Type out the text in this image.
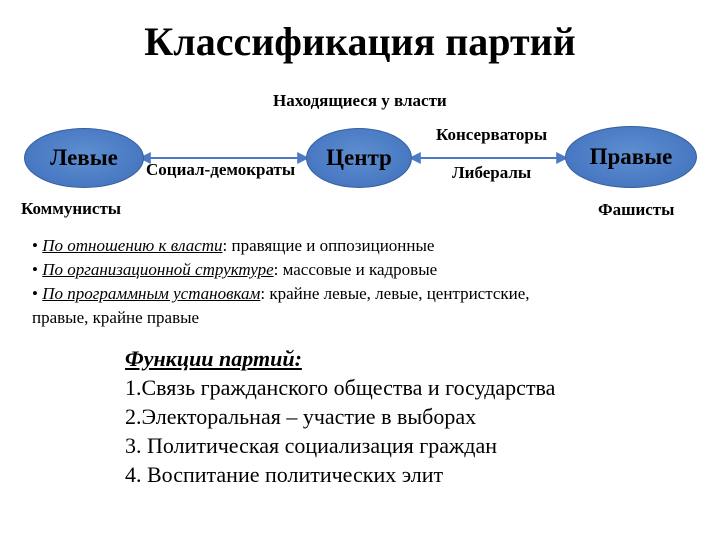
Классификация партий
Находящиеся у власти
Левые	Центр	Правые
Социал-демократы
Консерваторы
Либералы
Коммунисты	Фашисты
• По отношению к власти: правящие и оппозиционные
• По организационной структуре: массовые и кадровые
• По программным установкам: крайне левые, левые, центристские,
правые, крайне правые
Функции партий:
1.Связь гражданского общества и государства
2.Электоральная – участие в выборах
3. Политическая социализация граждан
4. Воспитание политических элит
